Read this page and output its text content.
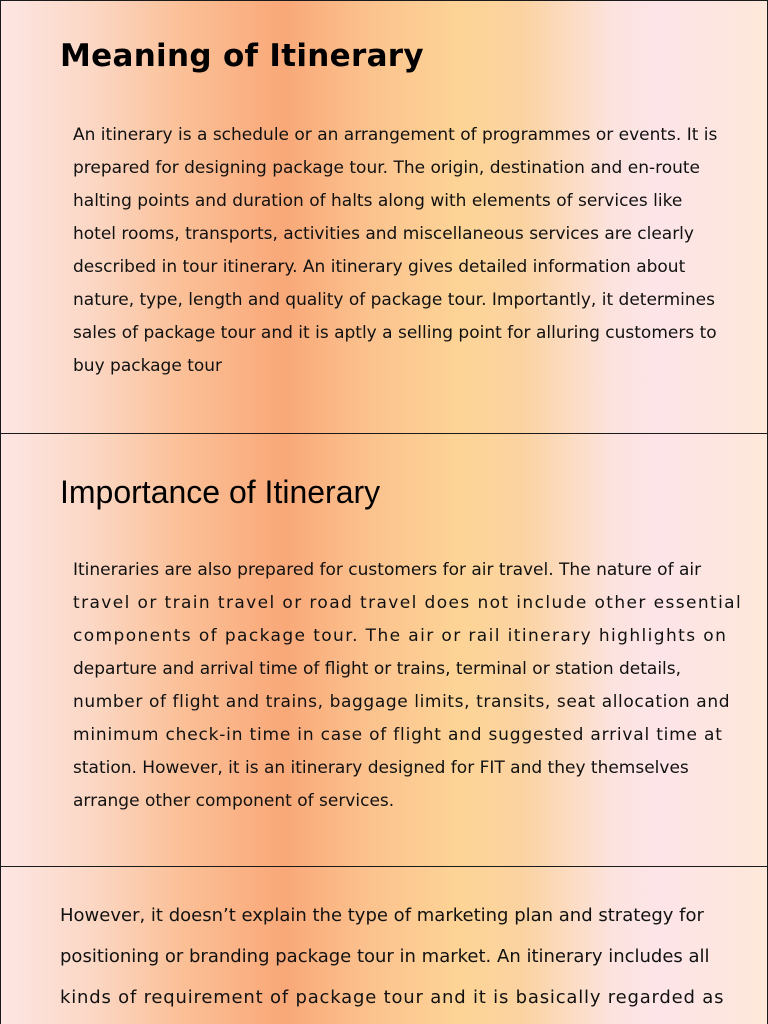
Meaning of Itinerary

An itinerary is a schedule or an arrangement of programmes or events. It is
prepared for designing package tour. The origin, destination and en-route
halting points and duration of halts along with elements of services like
hotel rooms, transports, activities and miscellaneous services are clearly
described in tour itinerary. An itinerary gives detailed information about
nature, type, length and quality of package tour. Importantly, it determines
sales of package tour and it is aptly a selling point for alluring customers to
buy package tour

Importance of Itinerary

Itineraries are also prepared for customers for air travel. The nature of air
travel or train travel or road travel does not include other essential
components of package tour. The air or rail itinerary highlights on
departure and arrival time of flight or trains, terminal or station details,
number of flight and trains, baggage limits, transits, seat allocation and
minimum check-in time in case of flight and suggested arrival time at
station. However, it is an itinerary designed for FIT and they themselves
arrange other component of services.

However, it doesn’t explain the type of marketing plan and strategy for
positioning or branding package tour in market. An itinerary includes all
kinds of requirement of package tour and it is basically regarded as
